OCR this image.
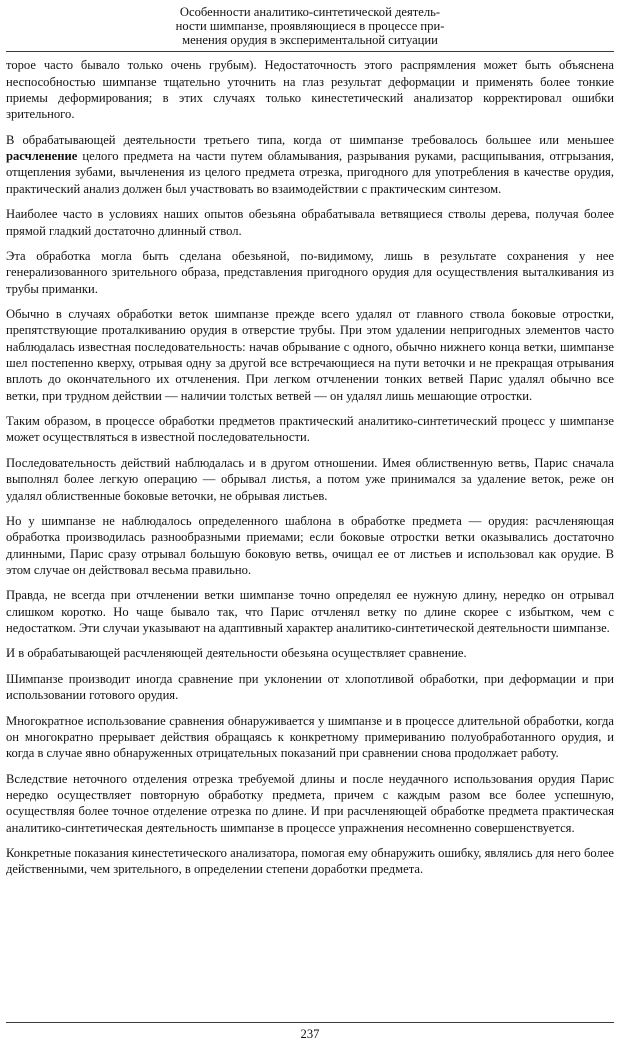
Особенности аналитико-синтетической деятель-
ности шимпанзе, проявляющиеся в процессе при-
менения орудия в экспериментальной ситуации

торое часто бывало только очень грубым). Недостаточность этого распрямления может быть объяснена неспособностью шимпанзе тщательно уточнить на глаз результат деформации и применять более тонкие приемы деформирования; в этих случаях только кинестетический анализатор корректировал ошибки зрительного.

В обрабатывающей деятельности третьего типа, когда от шимпанзе требовалось большее или меньшее расчленение целого предмета на части путем обламывания, разрывания руками, расщипывания, отгрызания, отщепления зубами, вычленения из целого предмета отрезка, пригодного для употребления в качестве орудия, практический анализ должен был участвовать во взаимодействии с практическим синтезом.

Наиболее часто в условиях наших опытов обезьяна обрабатывала ветвящиеся стволы дерева, получая более прямой гладкий достаточно длинный ствол.

Эта обработка могла быть сделана обезьяной, по-видимому, лишь в результате сохранения у нее генерализованного зрительного образа, представления пригодного орудия для осуществления выталкивания из трубы приманки.

Обычно в случаях обработки веток шимпанзе прежде всего удалял от главного ствола боковые отростки, препятствующие проталкиванию орудия в отверстие трубы. При этом удалении непригодных элементов часто наблюдалась известная последовательность: начав обрывание с одного, обычно нижнего конца ветки, шимпанзе шел постепенно кверху, отрывая одну за другой все встречающиеся на пути веточки и не прекращая отрывания вплоть до окончательного их отчленения. При легком отчленении тонких ветвей Парис удалял обычно все ветки, при трудном действии — наличии толстых ветвей — он удалял лишь мешающие отростки.

Таким образом, в процессе обработки предметов практический аналитико-синтетический процесс у шимпанзе может осуществляться в известной последовательности.

Последовательность действий наблюдалась и в другом отношении. Имея облиственную ветвь, Парис сначала выполнял более легкую операцию — обрывал листья, а потом уже принимался за удаление веток, реже он удалял облиственные боковые веточки, не обрывая листьев.

Но у шимпанзе не наблюдалось определенного шаблона в обработке предмета — орудия: расчленяющая обработка производилась разнообразными приемами; если боковые отростки ветки оказывались достаточно длинными, Парис сразу отрывал большую боковую ветвь, очищал ее от листьев и использовал как орудие. В этом случае он действовал весьма правильно.

Правда, не всегда при отчленении ветки шимпанзе точно определял ее нужную длину, нередко он отрывал слишком коротко. Но чаще бывало так, что Парис отчленял ветку по длине скорее с избытком, чем с недостатком. Эти случаи указывают на адаптивный характер аналитико-синтетической деятельности шимпанзе.

И в обрабатывающей расчленяющей деятельности обезьяна осуществляет сравнение.

Шимпанзе производит иногда сравнение при уклонении от хлопотливой обработки, при деформации и при использовании готового орудия.

Многократное использование сравнения обнаруживается у шимпанзе и в процессе длительной обработки, когда он многократно прерывает действия обращаясь к конкретному примериванию полуобработанного орудия, и когда в случае явно обнаруженных отрицательных показаний при сравнении снова продолжает работу.

Вследствие неточного отделения отрезка требуемой длины и после неудачного использования орудия Парис нередко осуществляет повторную обработку предмета, причем с каждым разом все более успешную, осуществляя более точное отделение отрезка по длине. И при расчленяющей обработке предмета практическая аналитико-синтетическая деятельность шимпанзе в процессе упражнения несомненно совершенствуется.

Конкретные показания кинестетического анализатора, помогая ему обнаружить ошибку, являлись для него более действенными, чем зрительного, в определении степени доработки предмета.

237
